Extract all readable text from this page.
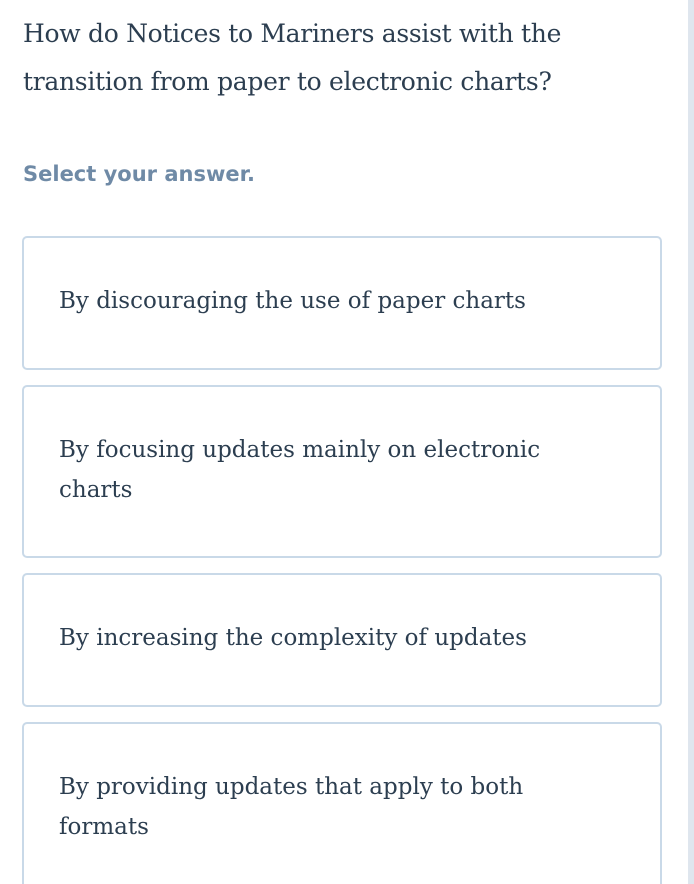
How do Notices to Mariners assist with the transition from paper to electronic charts?

Select your answer.

By discouraging the use of paper charts
By focusing updates mainly on electronic charts
By increasing the complexity of updates
By providing updates that apply to both formats
